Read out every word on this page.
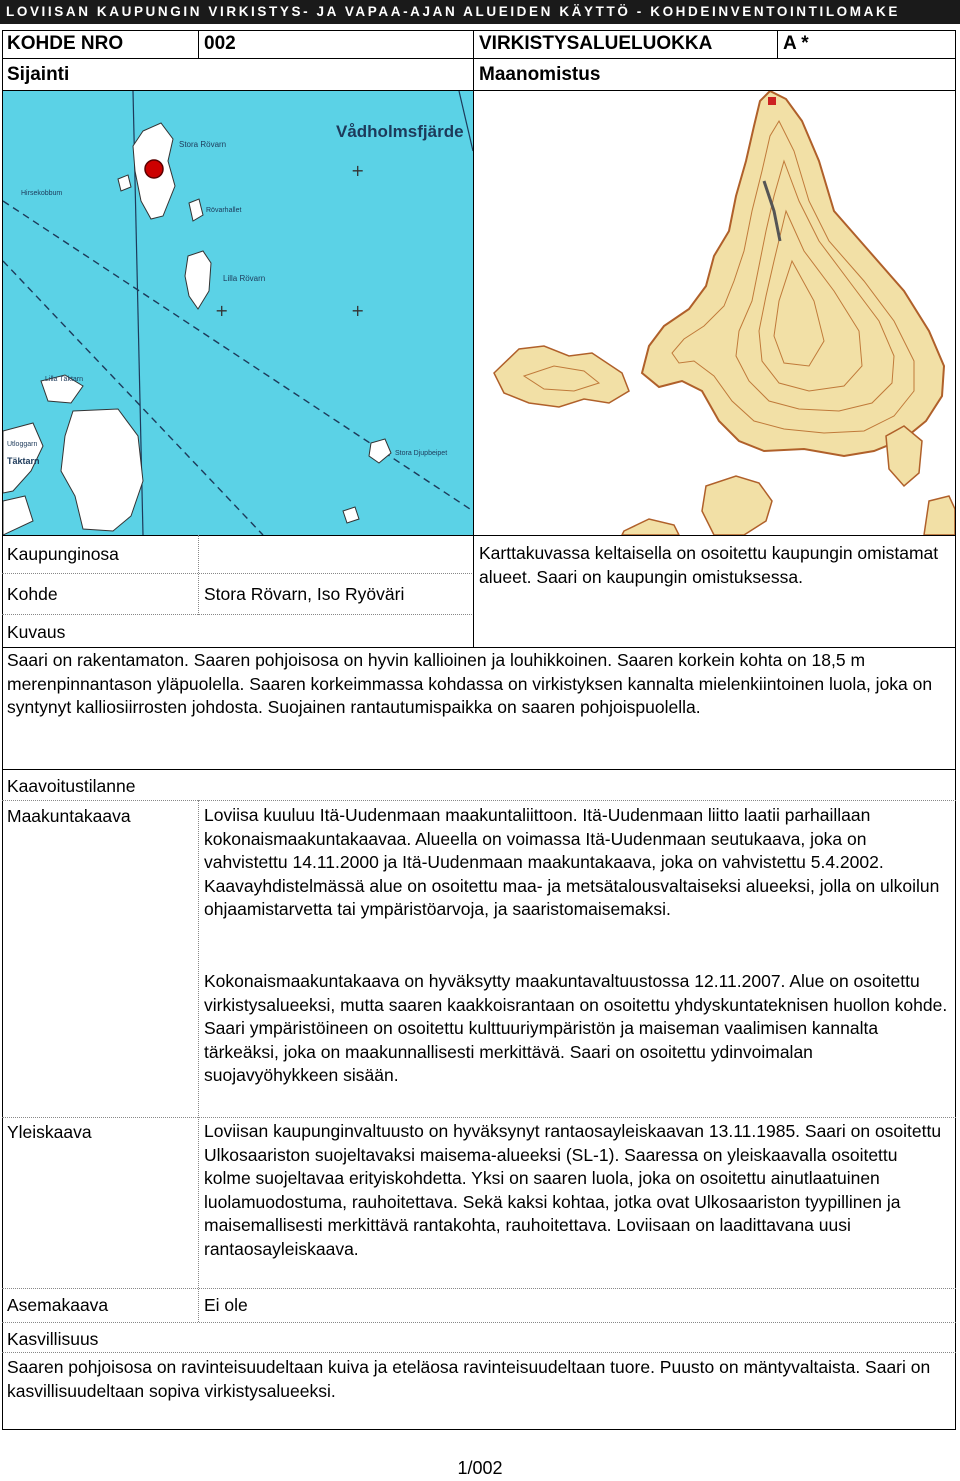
LOVIISAN KAUPUNGIN VIRKISTYS- JA VAPAA-AJAN ALUEIDEN KÄYTTÖ - KOHDEINVENTOINTILOMAKE
KOHDE NRO	002	VIRKISTYSALUELUOKKA	A *
Sijainti	Maanomistus
+
+
+
Vådholmsfjärde
Stora Rövarn
Hirsekobbum
Rövarhallet
Lilla Rövarn
Lilla Täktarn
Utloggarn
Täktarn
Stora Djupbeipet
Kaupunginosa
Kohde	Stora Rövarn, Iso Ryöväri
Karttakuvassa keltaisella on osoitettu kaupungin omistamat alueet. Saari on kaupungin omistuksessa.
Kuvaus
Saari on rakentamaton. Saaren pohjoisosa on hyvin kallioinen ja louhikkoinen. Saaren korkein kohta on 18,5 m merenpinnantason yläpuolella. Saaren korkeimmassa kohdassa on virkistyksen kannalta mielenkiintoinen luola, joka on syntynyt kalliosiirrosten johdosta. Suojainen rantautumispaikka on saaren pohjoispuolella.
Kaavoitustilanne
Maakuntakaava	Loviisa kuuluu Itä-Uudenmaan maakuntaliittoon. Itä-Uudenmaan liitto laatii parhaillaan kokonaismaakuntakaavaa. Alueella on voimassa Itä-Uudenmaan seutukaava, joka on vahvistettu 14.11.2000 ja Itä-Uudenmaan maakuntakaava, joka on vahvistettu 5.4.2002. Kaavayhdistelmässä alue on osoitettu maa- ja metsätalousvaltaiseksi alueeksi, jolla on ulkoilun ohjaamistarvetta tai ympäristöarvoja, ja saaristomaisemaksi.
Kokonaismaakuntakaava on hyväksytty maakuntavaltuustossa 12.11.2007. Alue on osoitettu virkistysalueeksi, mutta saaren kaakkoisrantaan on osoitettu yhdyskuntateknisen huollon kohde. Saari ympäristöineen on osoitettu kulttuuriympäristön ja maiseman vaalimisen kannalta tärkeäksi, joka on maakunnallisesti merkittävä. Saari on osoitettu ydinvoimalan suojavyöhykkeen sisään.
Yleiskaava	Loviisan kaupunginvaltuusto on hyväksynyt rantaosayleiskaavan 13.11.1985. Saari on osoitettu Ulkosaariston suojeltavaksi maisema-alueeksi (SL-1). Saaressa on yleiskaavalla osoitettu kolme suojeltavaa erityiskohdetta. Yksi on saaren luola, joka on osoitettu ainutlaatuinen luolamuodostuma, rauhoitettava. Sekä kaksi kohtaa, jotka ovat Ulkosaariston tyypillinen ja maisemallisesti merkittävä rantakohta, rauhoitettava. Loviisaan on laadittavana uusi rantaosayleiskaava.
Asemakaava	Ei ole
Kasvillisuus
Saaren pohjoisosa on ravinteisuudeltaan kuiva ja eteläosa ravinteisuudeltaan tuore. Puusto on mäntyvaltaista. Saari on kasvillisuudeltaan sopiva virkistysalueeksi.
1/002
